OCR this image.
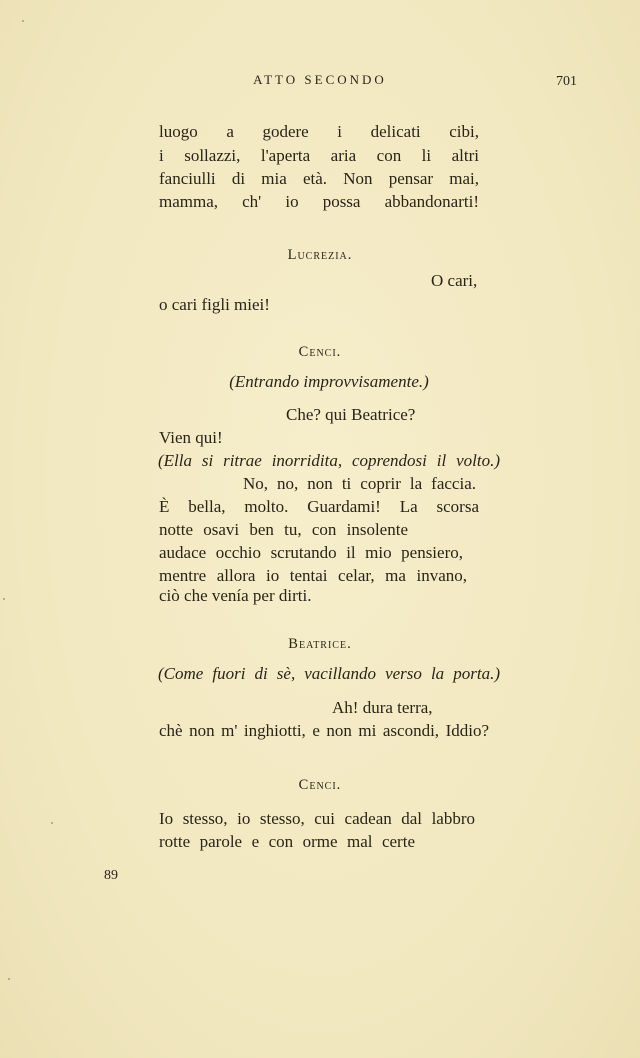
ATTO SECONDO	701
luogo a godere i delicati cibi,
i sollazzi, l'aperta aria con li altri
fanciulli di mia età. Non pensar mai,
mamma, ch' io possa abbandonarti!
Lucrezia.
O cari,
o cari figli miei!
Cenci.
(Entrando improvvisamente.)
Che? qui Beatrice?
Vien qui!
(Ella si ritrae inorridita, coprendosi il volto.)
No, no, non ti coprir la faccia.
È bella, molto. Guardami! La scorsa
notte osavi ben tu, con insolente
audace occhio scrutando il mio pensiero,
mentre allora io tentai celar, ma invano,
ciò che venía per dirti.
Beatrice.
(Come fuori di sè, vacillando verso la porta.)
Ah! dura terra,
chè non m' inghiotti, e non mi ascondi, Iddio?
Cenci.
Io stesso, io stesso, cui cadean dal labbro
rotte parole e con orme mal certe
89
